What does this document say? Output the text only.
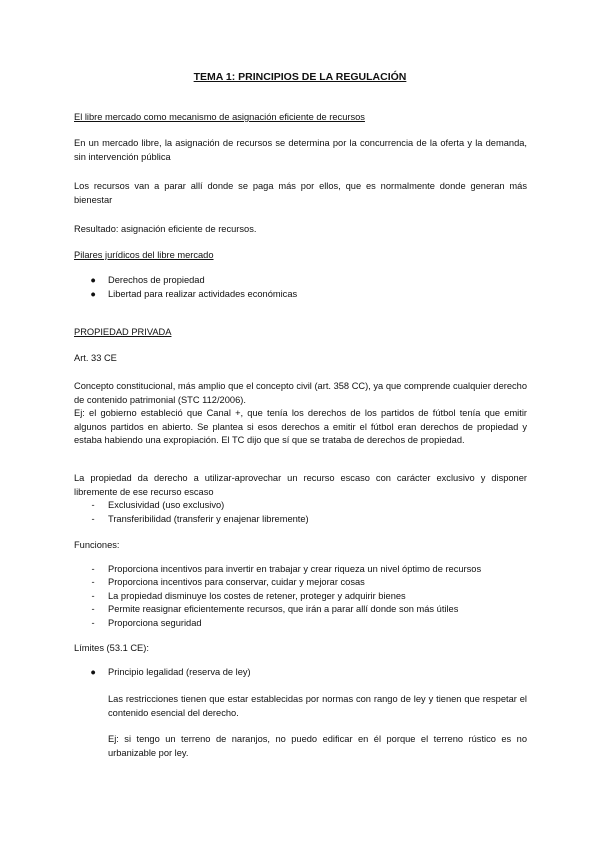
TEMA 1: PRINCIPIOS DE LA REGULACIÓN

El libre mercado como mecanismo de asignación eficiente de recursos

En un mercado libre, la asignación de recursos se determina por la concurrencia de la oferta y la demanda, sin intervención pública

Los recursos van a parar allí donde se paga más por ellos, que es normalmente donde generan más bienestar

Resultado: asignación eficiente de recursos.

Pilares jurídicos del libre mercado

●	Derechos de propiedad
●	Libertad para realizar actividades económicas

PROPIEDAD PRIVADA

Art. 33 CE

Concepto constitucional, más amplio que el concepto civil (art. 358 CC), ya que comprende cualquier derecho de contenido patrimonial (STC 112/2006).

Ej: el gobierno estableció que Canal +, que tenía los derechos de los partidos de fútbol tenía que emitir algunos partidos en abierto. Se plantea si esos derechos a emitir el fútbol eran derechos de propiedad y estaba habiendo una expropiación. El TC dijo que sí que se trataba de derechos de propiedad.

La propiedad da derecho a utilizar-aprovechar un recurso escaso con carácter exclusivo y disponer libremente de ese recurso escaso

-	Exclusividad (uso exclusivo)
-	Transferibilidad (transferir y enajenar libremente)

Funciones:

-	Proporciona incentivos para invertir en trabajar y crear riqueza un nivel óptimo de recursos
-	Proporciona incentivos para conservar, cuidar y mejorar cosas
-	La propiedad disminuye los costes de retener, proteger y adquirir bienes
-	Permite reasignar eficientemente recursos, que irán a parar allí donde son más útiles
-	Proporciona seguridad

Límites (53.1 CE):

●	Principio legalidad (reserva de ley)

Las restricciones tienen que estar establecidas por normas con rango de ley y tienen que respetar el contenido esencial del derecho.

Ej: si tengo un terreno de naranjos, no puedo edificar en él porque el terreno rústico es no urbanizable por ley.
